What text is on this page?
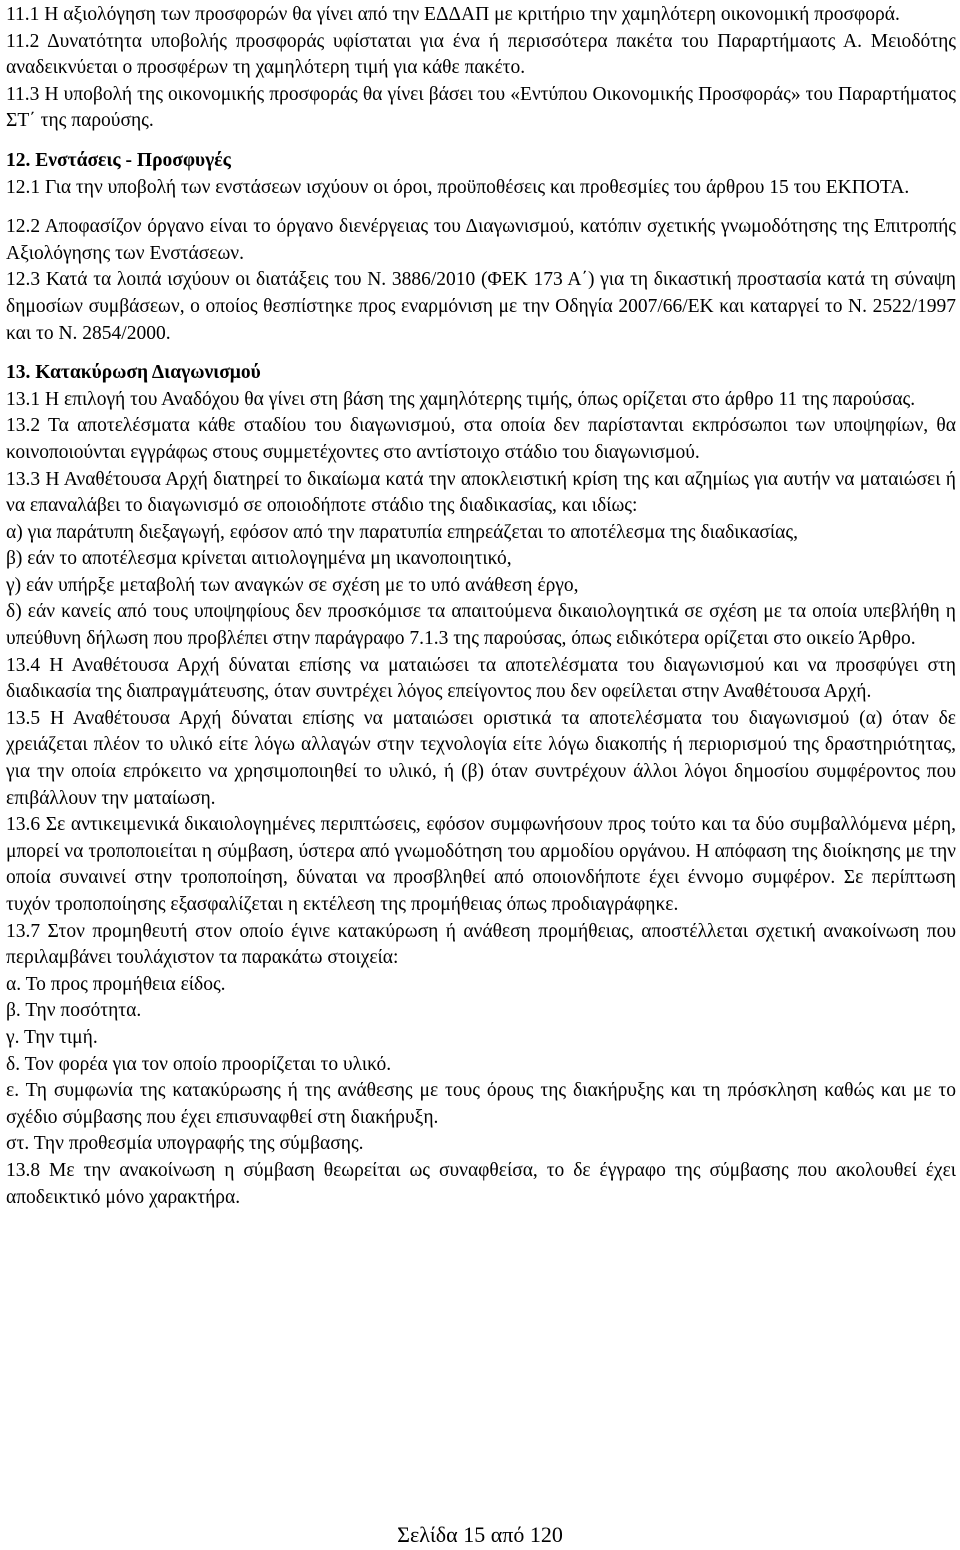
11.1 Η αξιολόγηση των προσφορών θα γίνει από την ΕΔΔΑΠ με κριτήριο την χαμηλότερη οικονομική προσφορά.

11.2 Δυνατότητα υποβολής προσφοράς υφίσταται για ένα ή περισσότερα πακέτα του Παραρτήμαοτς Α. Μειοδότης αναδεικνύεται ο προσφέρων τη χαμηλότερη τιμή για κάθε πακέτο.

11.3 Η υποβολή της οικονομικής προσφοράς θα γίνει βάσει του «Εντύπου Οικονομικής Προσφοράς» του Παραρτήματος ΣΤ΄ της παρούσης.

12. Ενστάσεις - Προσφυγές

12.1 Για την υποβολή των ενστάσεων ισχύουν οι όροι, προϋποθέσεις και προθεσμίες του άρθρου 15 του ΕΚΠΟΤΑ.

12.2 Αποφασίζον όργανο είναι το όργανο διενέργειας του Διαγωνισμού, κατόπιν σχετικής γνωμοδότησης της Επιτροπής Αξιολόγησης των Ενστάσεων.

12.3 Κατά τα λοιπά ισχύουν οι διατάξεις του Ν. 3886/2010 (ΦΕΚ 173 Α΄) για τη δικαστική προστασία κατά τη σύναψη δημοσίων συμβάσεων, ο οποίος θεσπίστηκε προς εναρμόνιση με την Οδηγία 2007/66/ΕΚ και καταργεί το Ν. 2522/1997 και το Ν. 2854/2000.

13. Κατακύρωση Διαγωνισμού

13.1 Η επιλογή του Αναδόχου θα γίνει στη βάση της χαμηλότερης τιμής, όπως ορίζεται στο άρθρο 11 της παρούσας.

13.2 Τα αποτελέσματα κάθε σταδίου του διαγωνισμού, στα οποία δεν παρίστανται εκπρόσωποι των υποψηφίων, θα κοινοποιούνται εγγράφως στους συμμετέχοντες στο αντίστοιχο στάδιο του διαγωνισμού.

13.3 Η Αναθέτουσα Αρχή διατηρεί το δικαίωμα κατά την αποκλειστική κρίση της και αζημίως για αυτήν να ματαιώσει ή να επαναλάβει το διαγωνισμό σε οποιοδήποτε στάδιο της διαδικασίας, και ιδίως:

α) για παράτυπη διεξαγωγή, εφόσον από την παρατυπία επηρεάζεται το αποτέλεσμα της διαδικασίας,

β) εάν το αποτέλεσμα κρίνεται αιτιολογημένα μη ικανοποιητικό,

γ) εάν υπήρξε μεταβολή των αναγκών σε σχέση με το υπό ανάθεση έργο,

δ) εάν κανείς από τους υποψηφίους δεν προσκόμισε τα απαιτούμενα δικαιολογητικά σε σχέση με τα οποία υπεβλήθη η υπεύθυνη δήλωση που προβλέπει στην παράγραφο 7.1.3 της παρούσας, όπως ειδικότερα ορίζεται στο οικείο Άρθρο.

13.4 Η Αναθέτουσα Αρχή δύναται επίσης να ματαιώσει τα αποτελέσματα του διαγωνισμού και να προσφύγει στη διαδικασία της διαπραγμάτευσης, όταν συντρέχει λόγος επείγοντος που δεν οφείλεται στην Αναθέτουσα Αρχή.

13.5 Η Αναθέτουσα Αρχή δύναται επίσης να ματαιώσει οριστικά τα αποτελέσματα του διαγωνισμού (α) όταν δε χρειάζεται πλέον το υλικό είτε λόγω αλλαγών στην τεχνολογία είτε λόγω διακοπής ή περιορισμού της δραστηριότητας, για την οποία επρόκειτο να χρησιμοποιηθεί το υλικό, ή (β) όταν συντρέχουν άλλοι λόγοι δημοσίου συμφέροντος που επιβάλλουν την ματαίωση.

13.6 Σε αντικειμενικά δικαιολογημένες περιπτώσεις, εφόσον συμφωνήσουν προς τούτο και τα δύο συμβαλλόμενα μέρη, μπορεί να τροποποιείται η σύμβαση, ύστερα από γνωμοδότηση του αρμοδίου οργάνου. Η απόφαση της διοίκησης με την οποία συναινεί στην τροποποίηση, δύναται να προσβληθεί από οποιονδήποτε έχει έννομο συμφέρον. Σε περίπτωση τυχόν τροποποίησης εξασφαλίζεται η εκτέλεση της προμήθειας όπως προδιαγράφηκε.

13.7 Στον προμηθευτή στον οποίο έγινε κατακύρωση ή ανάθεση προμήθειας, αποστέλλεται σχετική ανακοίνωση που περιλαμβάνει τουλάχιστον τα παρακάτω στοιχεία:

α. Το προς προμήθεια είδος.

β. Την ποσότητα.

γ. Την τιμή.

δ. Τον φορέα για τον οποίο προορίζεται το υλικό.

ε. Τη συμφωνία της κατακύρωσης ή της ανάθεσης με τους όρους της διακήρυξης και τη πρόσκληση καθώς και με το σχέδιο σύμβασης που έχει επισυναφθεί στη διακήρυξη.

στ. Την προθεσμία υπογραφής της σύμβασης.

13.8 Με την ανακοίνωση η σύμβαση θεωρείται ως συναφθείσα, το δε έγγραφο της σύμβασης που ακολουθεί έχει αποδεικτικό μόνο χαρακτήρα.

Σελίδα 15 από 120
